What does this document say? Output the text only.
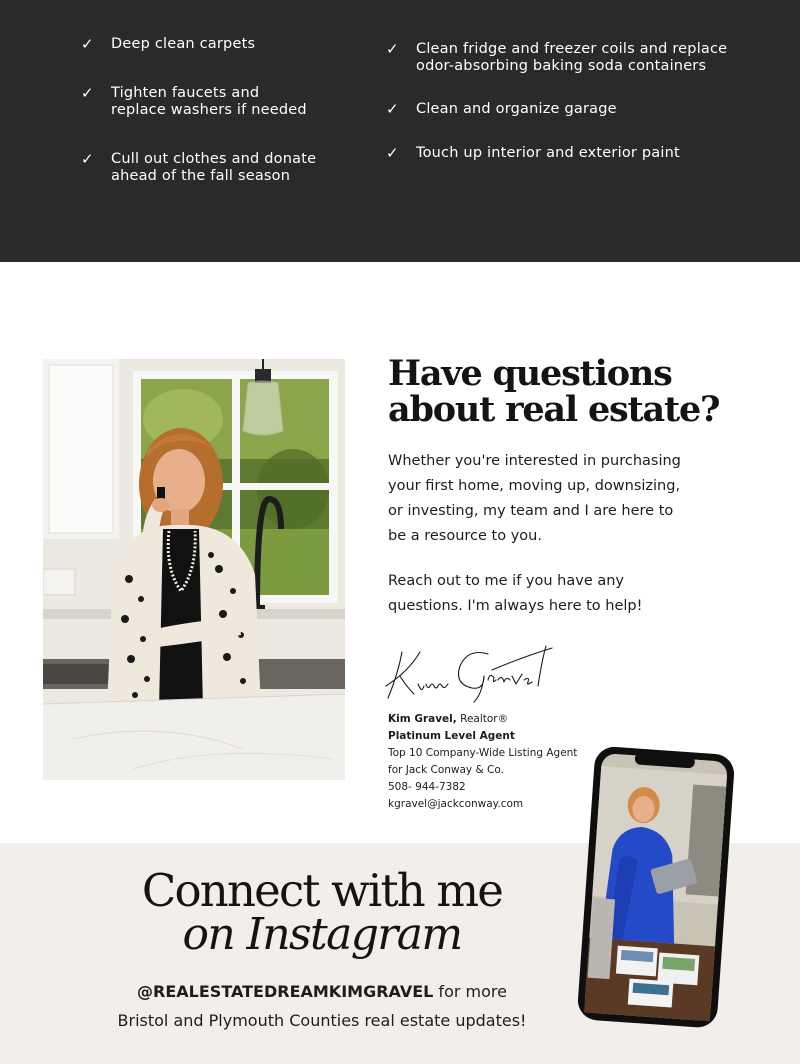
✓	Deep clean carpets
✓	Tighten faucets and
replace washers if needed
✓	Cull out clothes and donate
ahead of the fall season
✓	Clean fridge and freezer coils and replace
odor-absorbing baking soda containers
✓	Clean and organize garage
✓	Touch up interior and exterior paint
Have questions
about real estate?

Whether you're interested in purchasing your first home, moving up, downsizing, or investing, my team and I are here to be a resource to you.

Reach out to me if you have any questions. I'm always here to help!

Kim Gravel, Realtor®
Platinum Level Agent
Top 10 Company-Wide Listing Agent
for Jack Conway & Co.
508- 944-7382
kgravel@jackconway.com
Connect with me
on Instagram
@REALESTATEDREAMKIMGRAVEL for more
Bristol and Plymouth Counties real estate updates!
